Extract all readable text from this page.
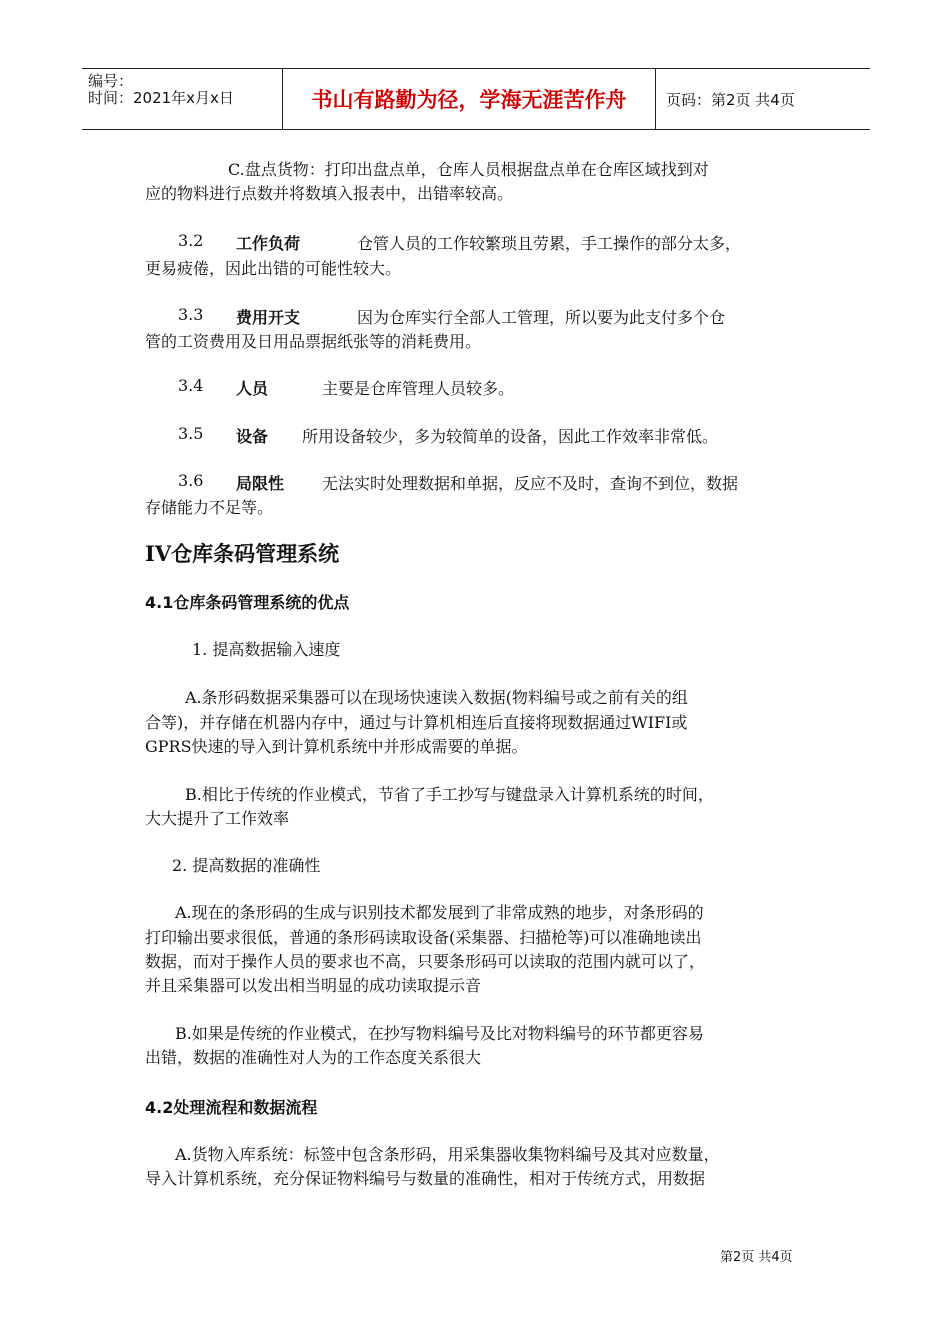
编号：
时间：2021年x月x日	书山有路勤为径，学海无涯苦作舟	页码：第2页 共4页
C.盘点货物：打印出盘点单，仓库人员根据盘点单在仓库区域找到对
应的物料进行点数并将数填入报表中，出错率较高。
3.2 工作负荷	仓管人员的工作较繁琐且劳累，手工操作的部分太多，
更易疲倦，因此出错的可能性较大。
3.3 费用开支	因为仓库实行全部人工管理，所以要为此支付多个仓
管的工资费用及日用品票据纸张等的消耗费用。
3.4 人员	主要是仓库管理人员较多。
3.5 设备 所用设备较少，多为较简单的设备，因此工作效率非常低。
3.6 局限性 无法实时处理数据和单据，反应不及时，查询不到位，数据
存储能力不足等。
IV仓库条码管理系统
4.1仓库条码管理系统的优点
1. 提高数据输入速度
A.条形码数据采集器可以在现场快速读入数据(物料编号或之前有关的组
合等)，并存储在机器内存中，通过与计算机相连后直接将现数据通过WIFI或
GPRS快速的导入到计算机系统中并形成需要的单据。
B.相比于传统的作业模式，节省了手工抄写与键盘录入计算机系统的时间，
大大提升了工作效率
2. 提高数据的准确性
A.现在的条形码的生成与识别技术都发展到了非常成熟的地步，对条形码的
打印输出要求很低，普通的条形码读取设备(采集器、扫描枪等)可以准确地读出
数据，而对于操作人员的要求也不高，只要条形码可以读取的范围内就可以了，
并且采集器可以发出相当明显的成功读取提示音
B.如果是传统的作业模式，在抄写物料编号及比对物料编号的环节都更容易
出错，数据的准确性对人为的工作态度关系很大
4.2处理流程和数据流程
A.货物入库系统：标签中包含条形码，用采集器收集物料编号及其对应数量，
导入计算机系统，充分保证物料编号与数量的准确性，相对于传统方式，用数据
第2页 共4页
